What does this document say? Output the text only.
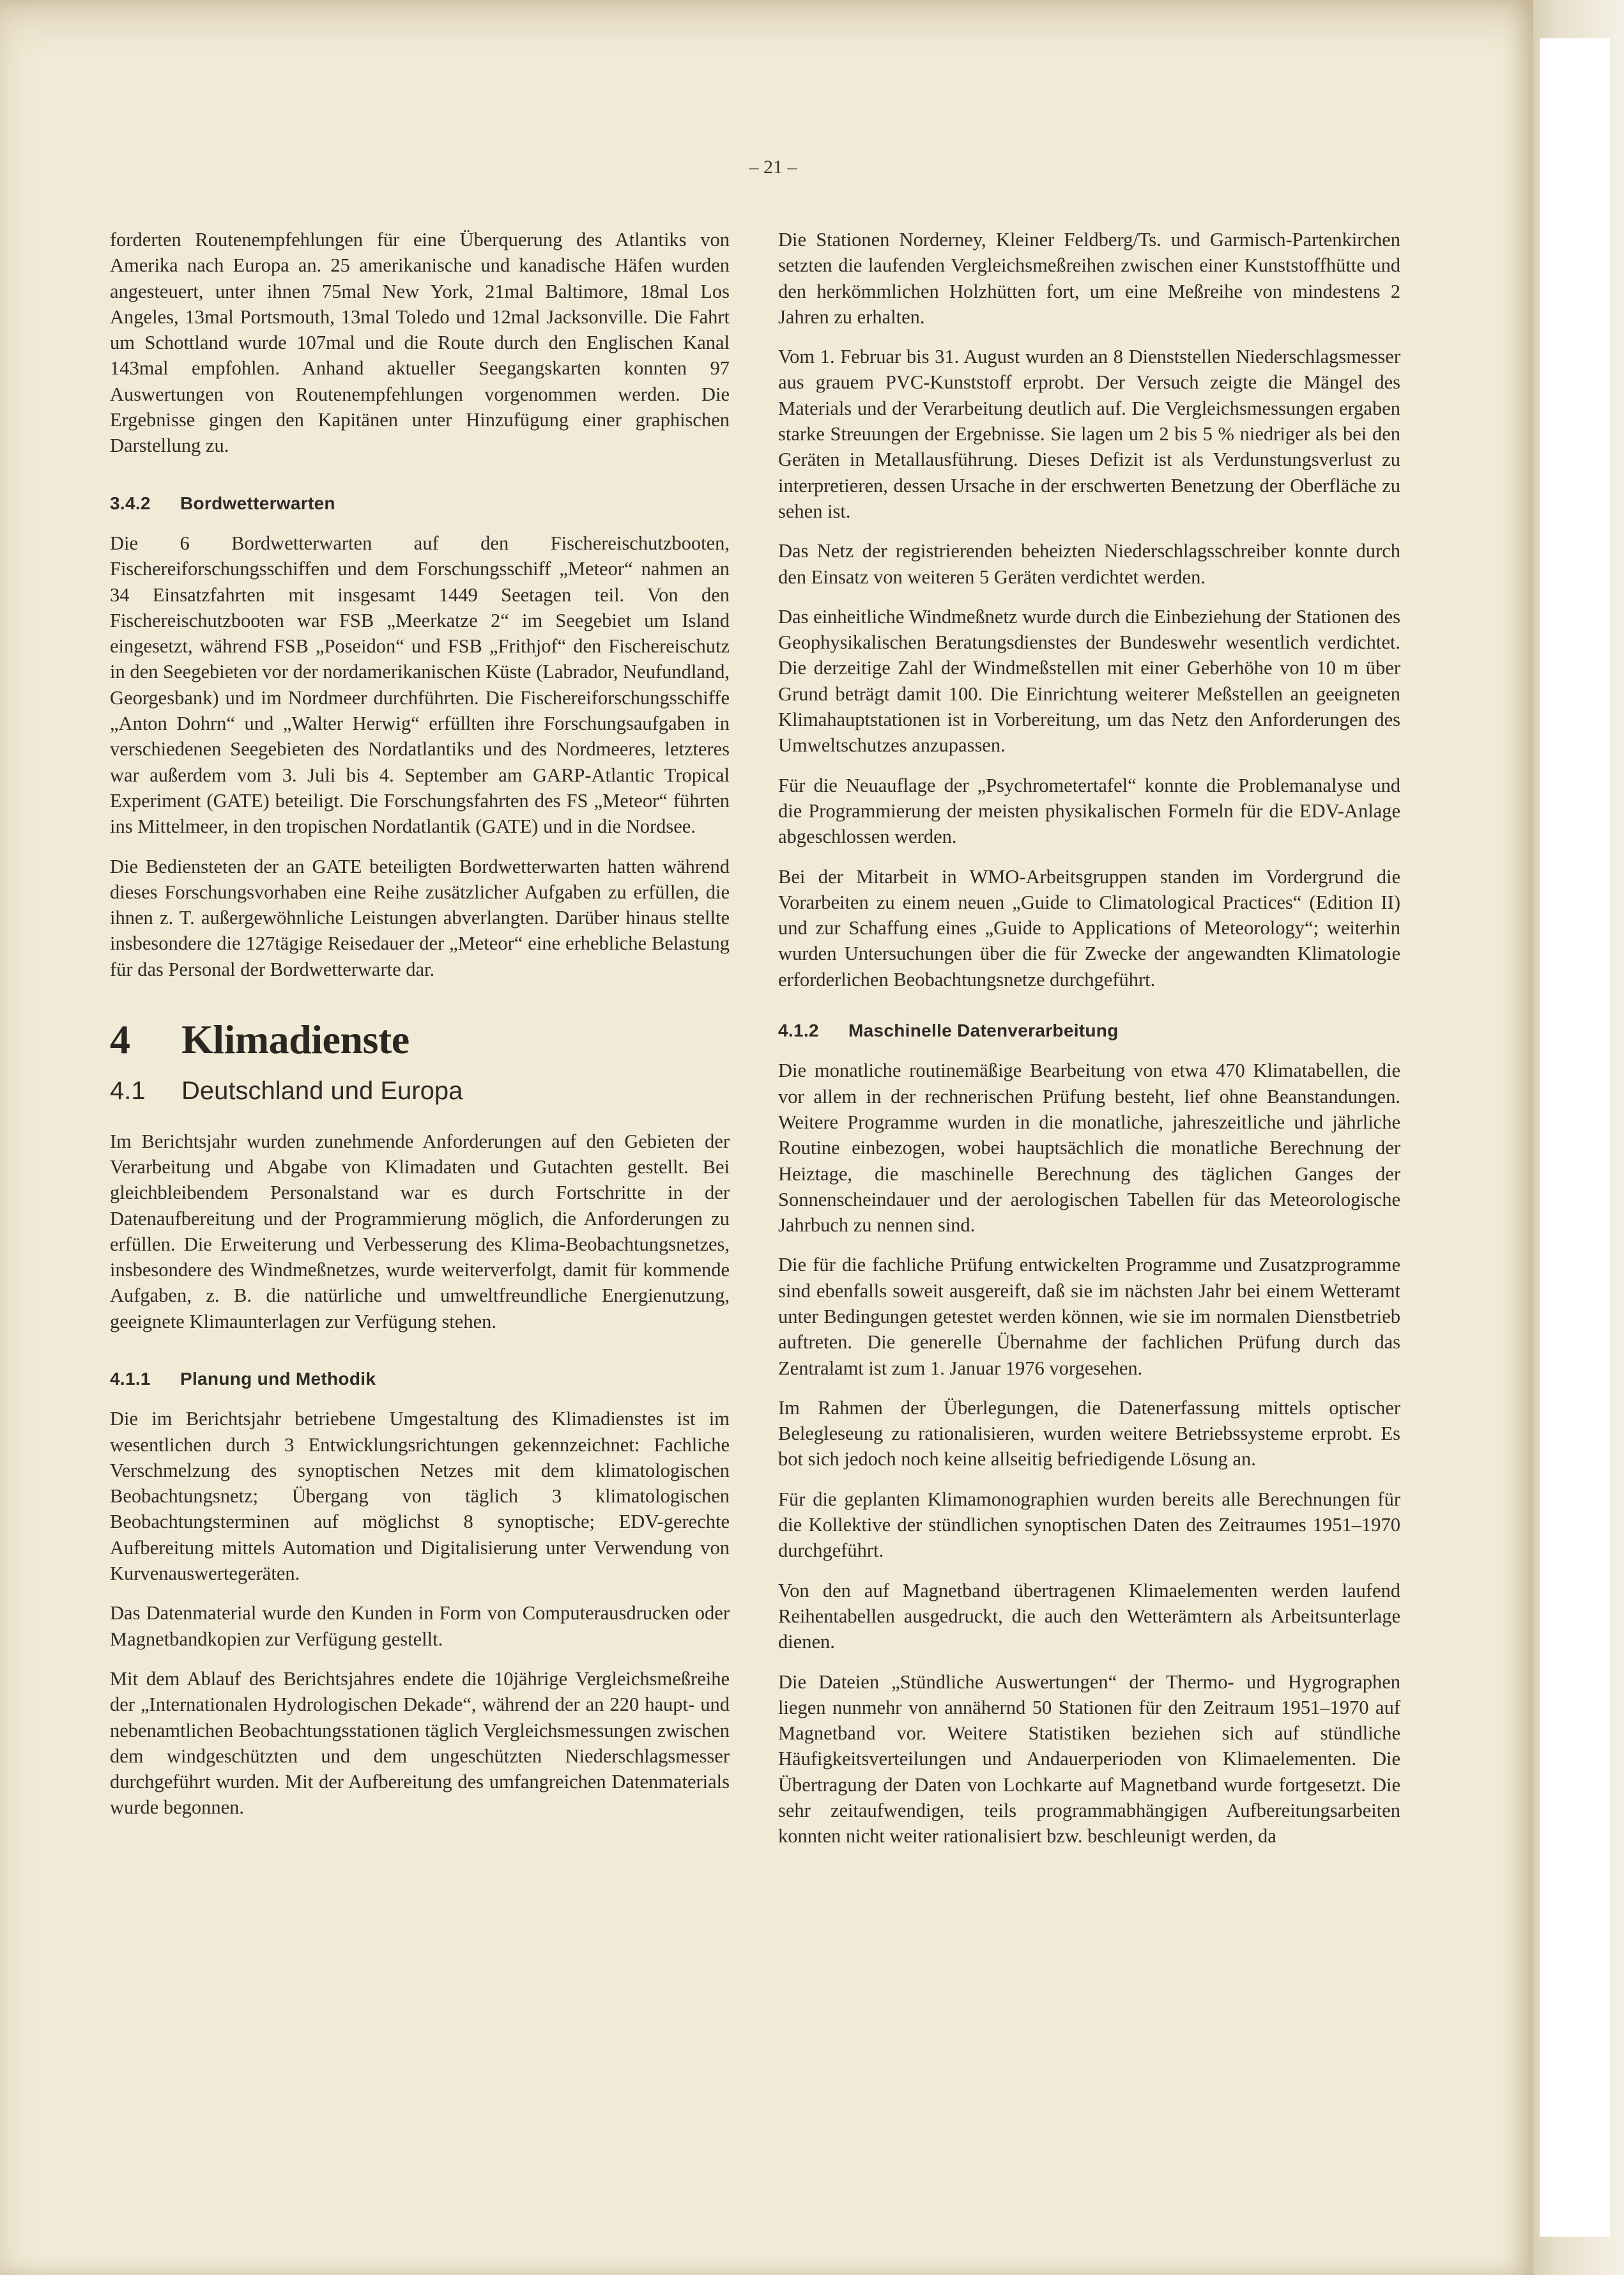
– 21 –

forderten Routenempfehlungen für eine Überquerung des Atlantiks von Amerika nach Europa an. 25 amerikanische und kanadische Häfen wurden angesteuert, unter ihnen 75mal New York, 21mal Baltimore, 18mal Los Angeles, 13mal Portsmouth, 13mal Toledo und 12mal Jacksonville. Die Fahrt um Schottland wurde 107mal und die Route durch den Englischen Kanal 143mal empfohlen. Anhand aktueller Seegangskarten konnten 97 Auswertungen von Routenempfehlungen vorgenommen werden. Die Ergebnisse gingen den Kapitänen unter Hinzufügung einer graphischen Darstellung zu.

3.4.2 Bordwetterwarten

Die 6 Bordwetterwarten auf den Fischereischutzbooten, Fischereiforschungsschiffen und dem Forschungsschiff „Meteor“ nahmen an 34 Einsatzfahrten mit insgesamt 1449 Seetagen teil. Von den Fischereischutzbooten war FSB „Meerkatze 2“ im Seegebiet um Island eingesetzt, während FSB „Poseidon“ und FSB „Frithjof“ den Fischereischutz in den Seegebieten vor der nordamerikanischen Küste (Labrador, Neufundland, Georgesbank) und im Nordmeer durchführten. Die Fischereiforschungsschiffe „Anton Dohrn“ und „Walter Herwig“ erfüllten ihre Forschungsaufgaben in verschiedenen Seegebieten des Nordatlantiks und des Nordmeeres, letzteres war außerdem vom 3. Juli bis 4. September am GARP-Atlantic Tropical Experiment (GATE) beteiligt. Die Forschungsfahrten des FS „Meteor“ führten ins Mittelmeer, in den tropischen Nordatlantik (GATE) und in die Nordsee.

Die Bediensteten der an GATE beteiligten Bordwetterwarten hatten während dieses Forschungsvorhaben eine Reihe zusätzlicher Aufgaben zu erfüllen, die ihnen z. T. außergewöhnliche Leistungen abverlangten. Darüber hinaus stellte insbesondere die 127tägige Reisedauer der „Meteor“ eine erhebliche Belastung für das Personal der Bordwetterwarte dar.

4 Klimadienste
4.1 Deutschland und Europa

Im Berichtsjahr wurden zunehmende Anforderungen auf den Gebieten der Verarbeitung und Abgabe von Klimadaten und Gutachten gestellt. Bei gleichbleibendem Personalstand war es durch Fortschritte in der Datenaufbereitung und der Programmierung möglich, die Anforderungen zu erfüllen. Die Erweiterung und Verbesserung des Klima-Beobachtungsnetzes, insbesondere des Windmeßnetzes, wurde weiterverfolgt, damit für kommende Aufgaben, z. B. die natürliche und umweltfreundliche Energienutzung, geeignete Klimaunterlagen zur Verfügung stehen.

4.1.1 Planung und Methodik

Die im Berichtsjahr betriebene Umgestaltung des Klimadienstes ist im wesentlichen durch 3 Entwicklungsrichtungen gekennzeichnet: Fachliche Verschmelzung des synoptischen Netzes mit dem klimatologischen Beobachtungsnetz; Übergang von täglich 3 klimatologischen Beobachtungsterminen auf möglichst 8 synoptische; EDV-gerechte Aufbereitung mittels Automation und Digitalisierung unter Verwendung von Kurvenauswertegeräten.

Das Datenmaterial wurde den Kunden in Form von Computerausdrucken oder Magnetbandkopien zur Verfügung gestellt.

Mit dem Ablauf des Berichtsjahres endete die 10jährige Vergleichsmeßreihe der „Internationalen Hydrologischen Dekade“, während der an 220 haupt- und nebenamtlichen Beobachtungsstationen täglich Vergleichsmessungen zwischen dem windgeschützten und dem ungeschützten Niederschlagsmesser durchgeführt wurden. Mit der Aufbereitung des umfangreichen Datenmaterials wurde begonnen.

Die Stationen Norderney, Kleiner Feldberg/Ts. und Garmisch-Partenkirchen setzten die laufenden Vergleichsmeßreihen zwischen einer Kunststoffhütte und den herkömmlichen Holzhütten fort, um eine Meßreihe von mindestens 2 Jahren zu erhalten.

Vom 1. Februar bis 31. August wurden an 8 Dienststellen Niederschlagsmesser aus grauem PVC-Kunststoff erprobt. Der Versuch zeigte die Mängel des Materials und der Verarbeitung deutlich auf. Die Vergleichsmessungen ergaben starke Streuungen der Ergebnisse. Sie lagen um 2 bis 5 % niedriger als bei den Geräten in Metallausführung. Dieses Defizit ist als Verdunstungsverlust zu interpretieren, dessen Ursache in der erschwerten Benetzung der Oberfläche zu sehen ist.

Das Netz der registrierenden beheizten Niederschlagsschreiber konnte durch den Einsatz von weiteren 5 Geräten verdichtet werden.

Das einheitliche Windmeßnetz wurde durch die Einbeziehung der Stationen des Geophysikalischen Beratungsdienstes der Bundeswehr wesentlich verdichtet. Die derzeitige Zahl der Windmeßstellen mit einer Geberhöhe von 10 m über Grund beträgt damit 100. Die Einrichtung weiterer Meßstellen an geeigneten Klimahauptstationen ist in Vorbereitung, um das Netz den Anforderungen des Umweltschutzes anzupassen.

Für die Neuauflage der „Psychrometertafel“ konnte die Problemanalyse und die Programmierung der meisten physikalischen Formeln für die EDV-Anlage abgeschlossen werden.

Bei der Mitarbeit in WMO-Arbeitsgruppen standen im Vordergrund die Vorarbeiten zu einem neuen „Guide to Climatological Practices“ (Edition II) und zur Schaffung eines „Guide to Applications of Meteorology“; weiterhin wurden Untersuchungen über die für Zwecke der angewandten Klimatologie erforderlichen Beobachtungsnetze durchgeführt.

4.1.2 Maschinelle Datenverarbeitung

Die monatliche routinemäßige Bearbeitung von etwa 470 Klimatabellen, die vor allem in der rechnerischen Prüfung besteht, lief ohne Beanstandungen. Weitere Programme wurden in die monatliche, jahreszeitliche und jährliche Routine einbezogen, wobei hauptsächlich die monatliche Berechnung der Heiztage, die maschinelle Berechnung des täglichen Ganges der Sonnenscheindauer und der aerologischen Tabellen für das Meteorologische Jahrbuch zu nennen sind.

Die für die fachliche Prüfung entwickelten Programme und Zusatzprogramme sind ebenfalls soweit ausgereift, daß sie im nächsten Jahr bei einem Wetteramt unter Bedingungen getestet werden können, wie sie im normalen Dienstbetrieb auftreten. Die generelle Übernahme der fachlichen Prüfung durch das Zentralamt ist zum 1. Januar 1976 vorgesehen.

Im Rahmen der Überlegungen, die Datenerfassung mittels optischer Belegleseung zu rationalisieren, wurden weitere Betriebssysteme erprobt. Es bot sich jedoch noch keine allseitig befriedigende Lösung an.

Für die geplanten Klimamonographien wurden bereits alle Berechnungen für die Kollektive der stündlichen synoptischen Daten des Zeitraumes 1951–1970 durchgeführt.

Von den auf Magnetband übertragenen Klimaelementen werden laufend Reihentabellen ausgedruckt, die auch den Wetterämtern als Arbeitsunterlage dienen.

Die Dateien „Stündliche Auswertungen“ der Thermo- und Hygrographen liegen nunmehr von annähernd 50 Stationen für den Zeitraum 1951–1970 auf Magnetband vor. Weitere Statistiken beziehen sich auf stündliche Häufigkeitsverteilungen und Andauerperioden von Klimaelementen. Die Übertragung der Daten von Lochkarte auf Magnetband wurde fortgesetzt. Die sehr zeitaufwendigen, teils programmabhängigen Aufbereitungsarbeiten konnten nicht weiter rationalisiert bzw. beschleunigt werden, da
